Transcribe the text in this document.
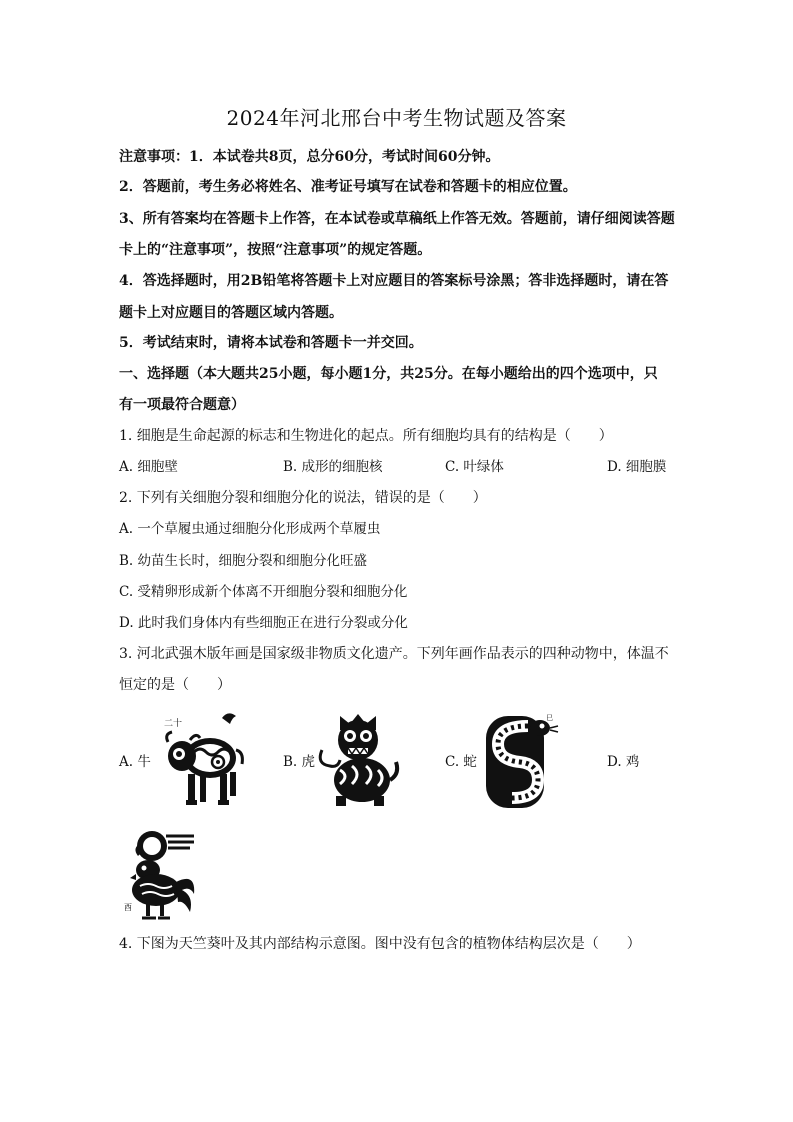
2024年河北邢台中考生物试题及答案
注意事项：1．本试卷共8页，总分60分，考试时间60分钟。
2．答题前，考生务必将姓名、准考证号填写在试卷和答题卡的相应位置。
3、所有答案均在答题卡上作答，在本试卷或草稿纸上作答无效。答题前，请仔细阅读答题
卡上的“注意事项”，按照“注意事项”的规定答题。
4．答选择题时，用2B铅笔将答题卡上对应题目的答案标号涂黑；答非选择题时，请在答
题卡上对应题目的答题区域内答题。
5．考试结束时，请将本试卷和答题卡一并交回。
一、选择题（本大题共25小题，每小题1分，共25分。在每小题给出的四个选项中，只
有一项最符合题意）
1. 细胞是生命起源的标志和生物进化的起点。所有细胞均具有的结构是（　　）
A. 细胞壁	B. 成形的细胞核	C. 叶绿体	D. 细胞膜
2. 下列有关细胞分裂和细胞分化的说法，错误的是（　　）
A. 一个草履虫通过细胞分化形成两个草履虫
B. 幼苗生长时，细胞分裂和细胞分化旺盛
C. 受精卵形成新个体离不开细胞分裂和细胞分化
D. 此时我们身体内有些细胞正在进行分裂或分化
3. 河北武强木版年画是国家级非物质文化遗产。下列年画作品表示的四种动物中，体温不
恒定的是（　　）
A. 牛	B. 虎	C. 蛇	D. 鸡
二十
巳
酉
4. 下图为天竺葵叶及其内部结构示意图。图中没有包含的植物体结构层次是（　　）
